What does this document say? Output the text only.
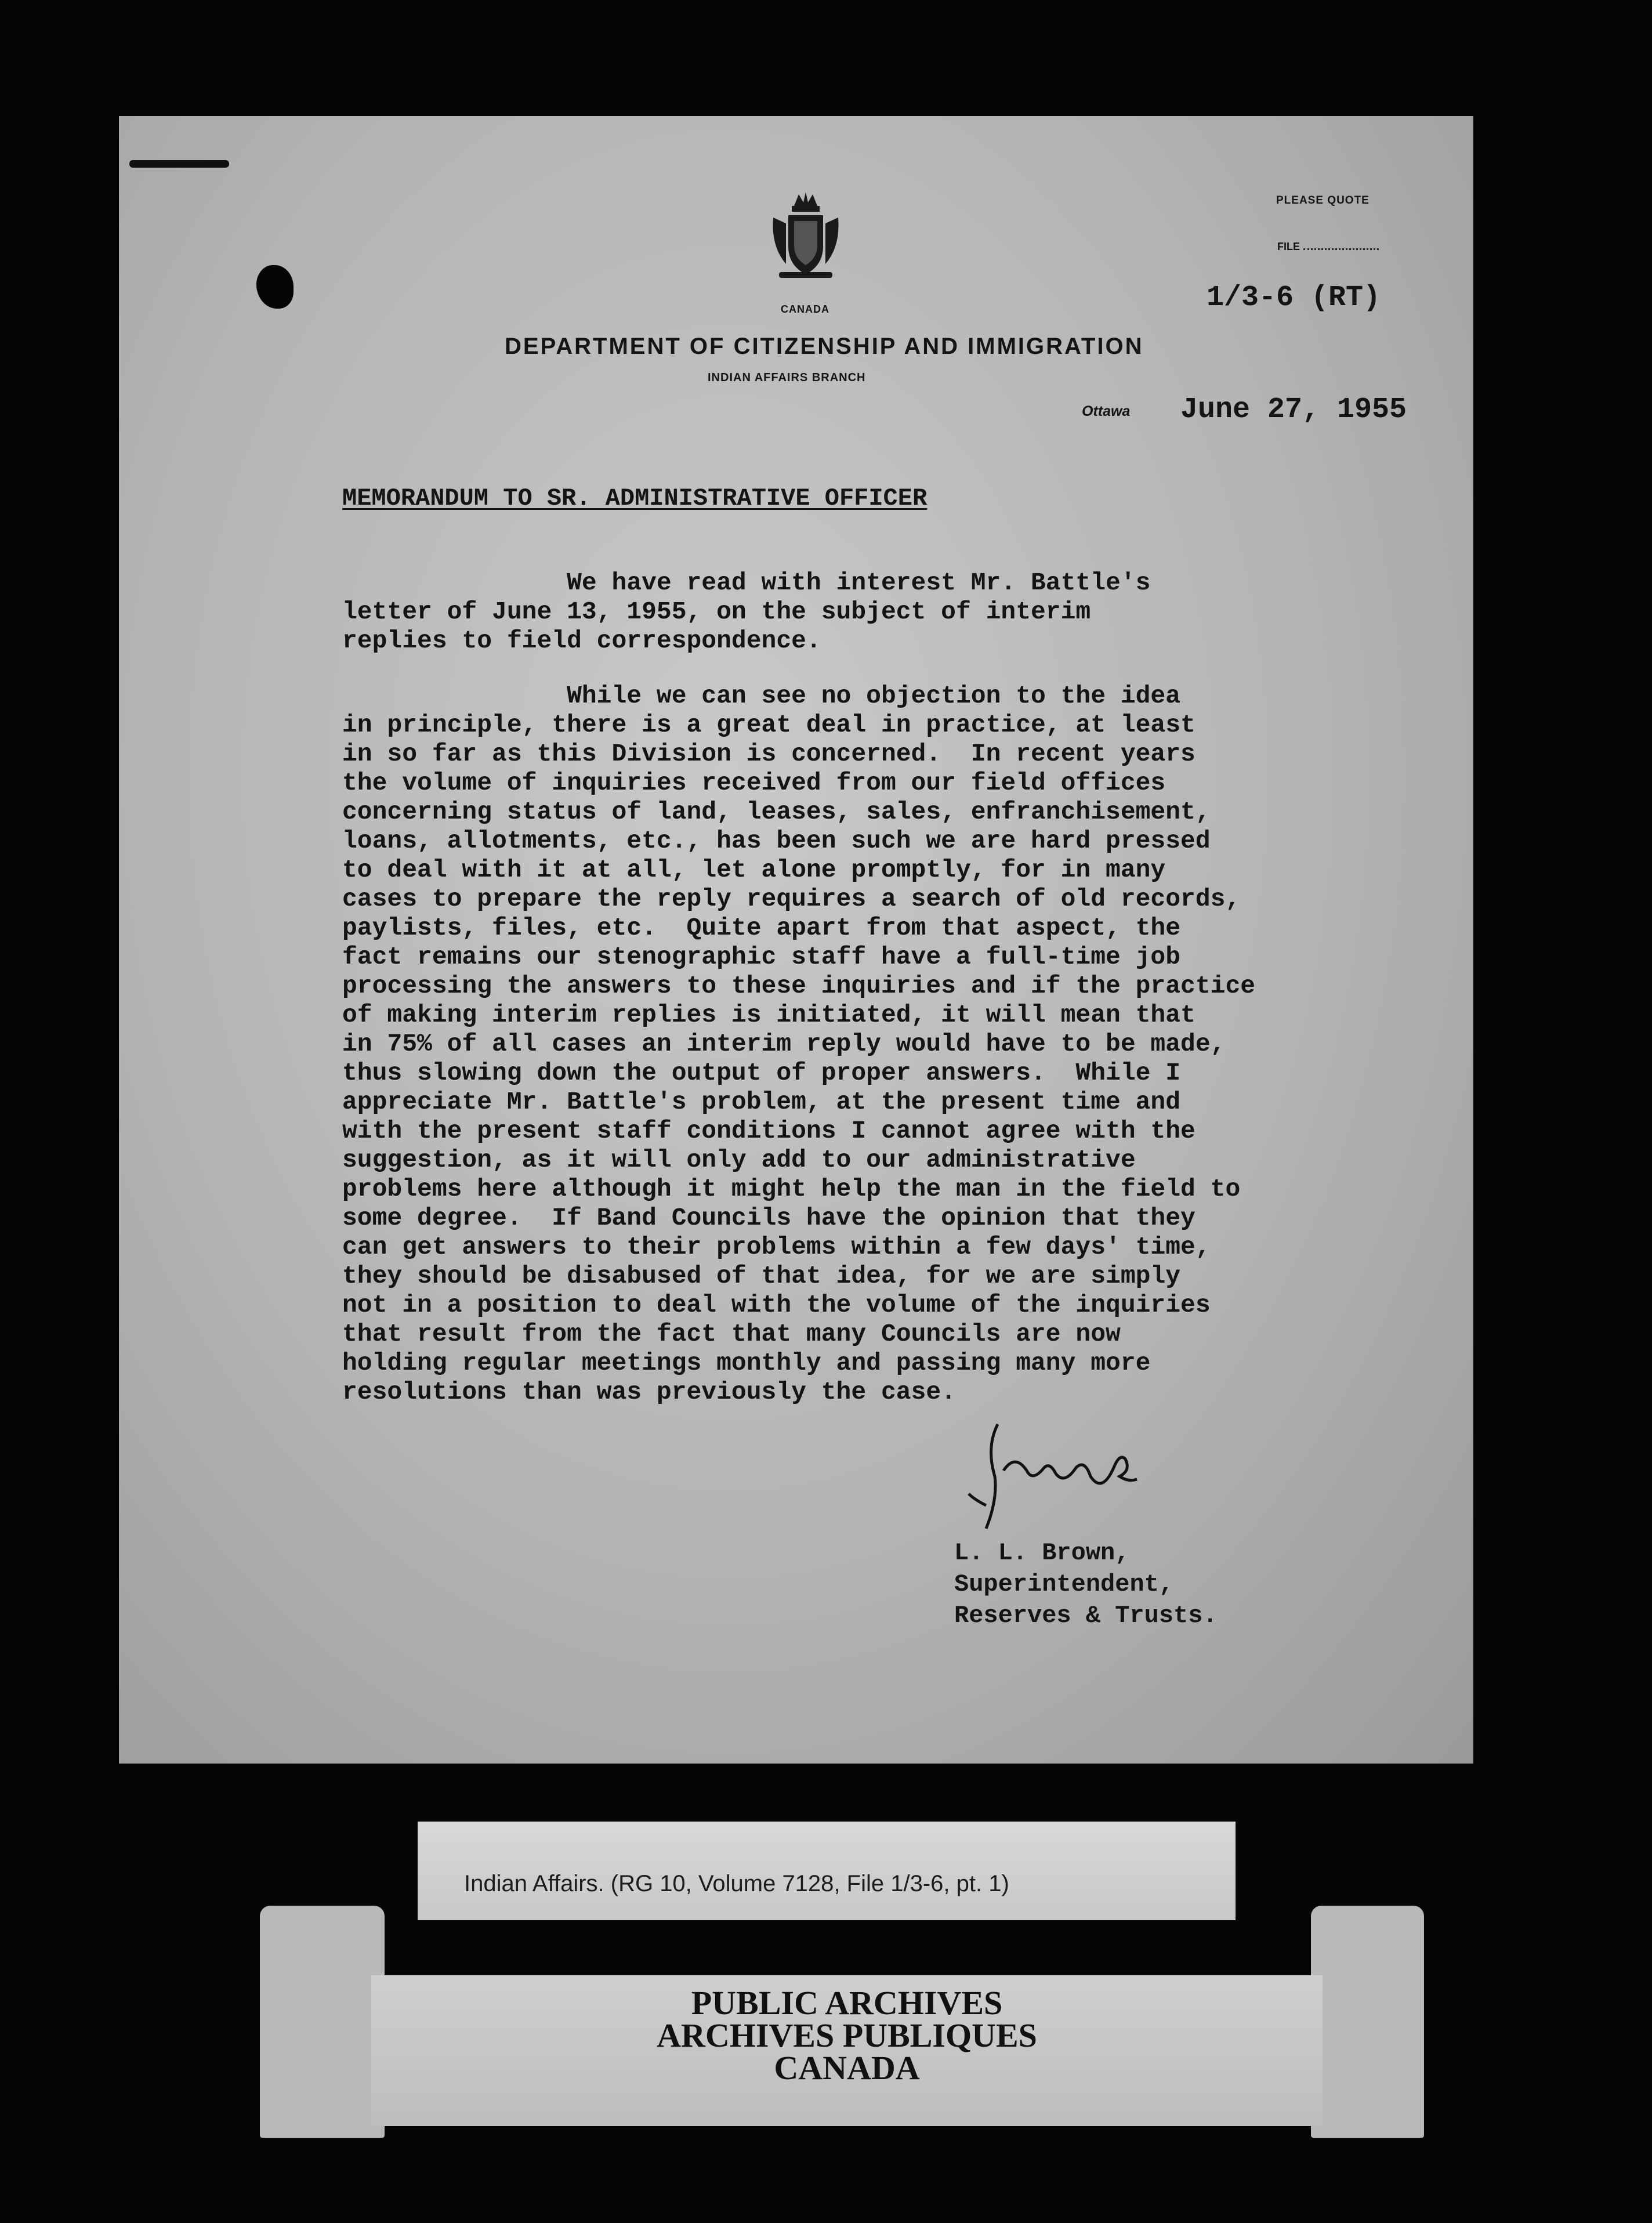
CANADA
PLEASE QUOTE
FILE
1/3-6 (RT)
DEPARTMENT OF CITIZENSHIP AND IMMIGRATION
INDIAN AFFAIRS BRANCH
Ottawa June 27, 1955
MEMORANDUM TO SR. ADMINISTRATIVE OFFICER

We have read with interest Mr. Battle's
letter of June 13, 1955, on the subject of interim
replies to field correspondence.

While we can see no objection to the idea
in principle, there is a great deal in practice, at least
in so far as this Division is concerned.  In recent years
the volume of inquiries received from our field offices
concerning status of land, leases, sales, enfranchisement,
loans, allotments, etc., has been such we are hard pressed
to deal with it at all, let alone promptly, for in many
cases to prepare the reply requires a search of old records,
paylists, files, etc.  Quite apart from that aspect, the
fact remains our stenographic staff have a full-time job
processing the answers to these inquiries and if the practice
of making interim replies is initiated, it will mean that
in 75% of all cases an interim reply would have to be made,
thus slowing down the output of proper answers.  While I
appreciate Mr. Battle's problem, at the present time and
with the present staff conditions I cannot agree with the
suggestion, as it will only add to our administrative
problems here although it might help the man in the field to
some degree.  If Band Councils have the opinion that they
can get answers to their problems within a few days' time,
they should be disabused of that idea, for we are simply
not in a position to deal with the volume of the inquiries
that result from the fact that many Councils are now
holding regular meetings monthly and passing many more
resolutions than was previously the case.

L. L. Brown,
Superintendent,
Reserves & Trusts.
Indian Affairs. (RG 10, Volume 7128, File 1/3-6, pt. 1)
PUBLIC ARCHIVES
ARCHIVES PUBLIQUES
CANADA
